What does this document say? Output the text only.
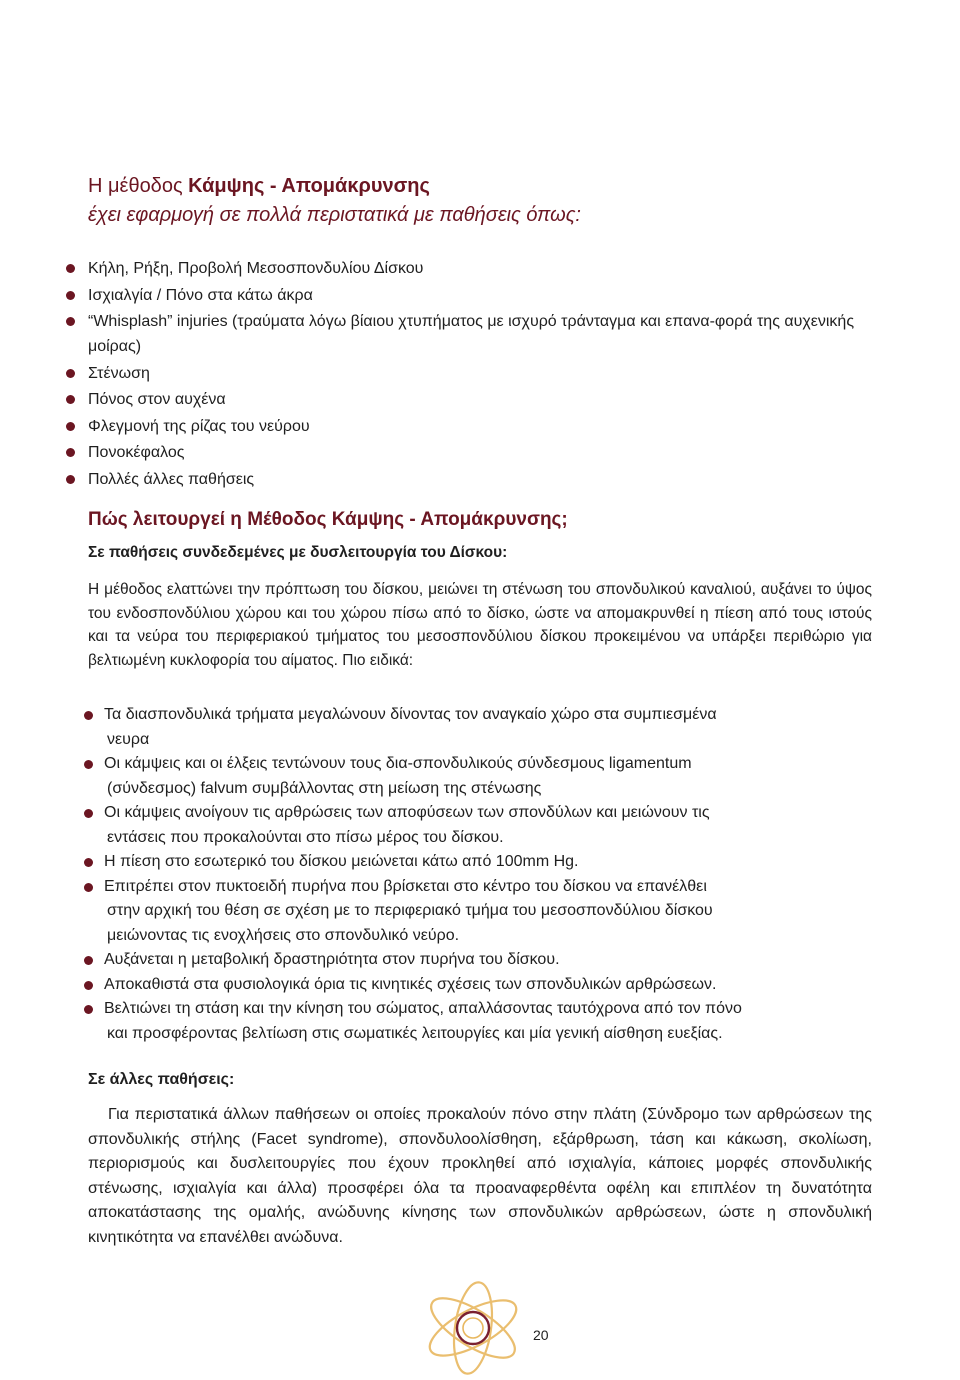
Η μέθοδος Κάμψης - Απομάκρυνσης
έχει εφαρμογή σε πολλά περιστατικά με παθήσεις όπως:
Κήλη, Ρήξη, Προβολή Μεσοσπονδυλίου Δίσκου
Ισχιαλγία / Πόνο στα κάτω άκρα
“Whisplash” injuries (τραύματα λόγω βίαιου χτυπήματος με ισχυρό τράνταγμα και επανα-φορά της αυχενικής μοίρας)
Στένωση
Πόνος στον αυχένα
Φλεγμονή της ρίζας του νεύρου
Πονοκέφαλος
Πολλές άλλες παθήσεις
Πώς λειτουργεί η Μέθοδος Κάμψης - Απομάκρυνσης;
Σε παθήσεις συνδεδεμένες με δυσλειτουργία του Δίσκου:
Η μέθοδος ελαττώνει την πρόπτωση του δίσκου, μειώνει τη στένωση του σπονδυλικού καναλιού, αυξάνει το ύψος του ενδοσπονδύλιου χώρου και του χώρου πίσω από το δίσκο, ώστε να απομακρυνθεί η πίεση από τους ιστούς και τα νεύρα του περιφεριακού τμήματος του μεσοσπονδύλιου δίσκου προκειμένου να υπάρξει περιθώριο για βελτιωμένη κυκλοφορία του αίματος. Πιο ειδικά:
Τα διασπονδυλικά τρήματα μεγαλώνουν δίνοντας τον αναγκαίο χώρο στα συμπιεσμένα
νευρα
Οι κάμψεις και οι έλξεις τεντώνουν τους δια-σπονδυλικούς σύνδεσμους ligamentum
(σύνδεσμος) falvum συμβάλλοντας στη μείωση της στένωσης
Οι κάμψεις ανοίγουν τις αρθρώσεις των αποφύσεων των σπονδύλων και μειώνουν τις
εντάσεις που προκαλούνται στο πίσω μέρος του δίσκου.
Η πίεση στο εσωτερικό του δίσκου μειώνεται κάτω από 100mm Hg.
Επιτρέπει στον πυκτοειδή πυρήνα που βρίσκεται στο κέντρο του δίσκου να επανέλθει
στην αρχική του θέση σε σχέση με το περιφεριακό τμήμα του μεσοσπονδύλιου δίσκου
μειώνοντας τις ενοχλήσεις στο σπονδυλικό νεύρο.
Αυξάνεται η μεταβολική δραστηριότητα στον πυρήνα του δίσκου.
Αποκαθιστά στα φυσιολογικά όρια τις κινητικές σχέσεις των σπονδυλικών αρθρώσεων.
Βελτιώνει τη στάση και την κίνηση του σώματος, απαλλάσοντας ταυτόχρονα από τον πόνο
και προσφέροντας βελτίωση στις σωματικές λειτουργίες και μία γενική αίσθηση ευεξίας.
Σε άλλες παθήσεις:
Για περιστατικά άλλων παθήσεων οι οποίες προκαλούν πόνο στην πλάτη (Σύνδρομο των αρθρώσεων της σπονδυλικής στήλης (Facet syndrome), σπονδυλοολίσθηση, εξάρθρωση, τάση και κάκωση, σκολίωση, περιορισμούς και δυσλειτουργίες που έχουν προκληθεί από ισχιαλγία, κάποιες μορφές σπονδυλικής στένωσης, ισχιαλγία και άλλα) προσφέρει όλα τα προαναφερθέντα οφέλη και επιπλέον τη δυνατότητα αποκατάστασης της ομαλής, ανώδυνης κίνησης των σπονδυλικών αρθρώσεων, ώστε η σπονδυλική κινητικότητα να επανέλθει ανώδυνα.
20
